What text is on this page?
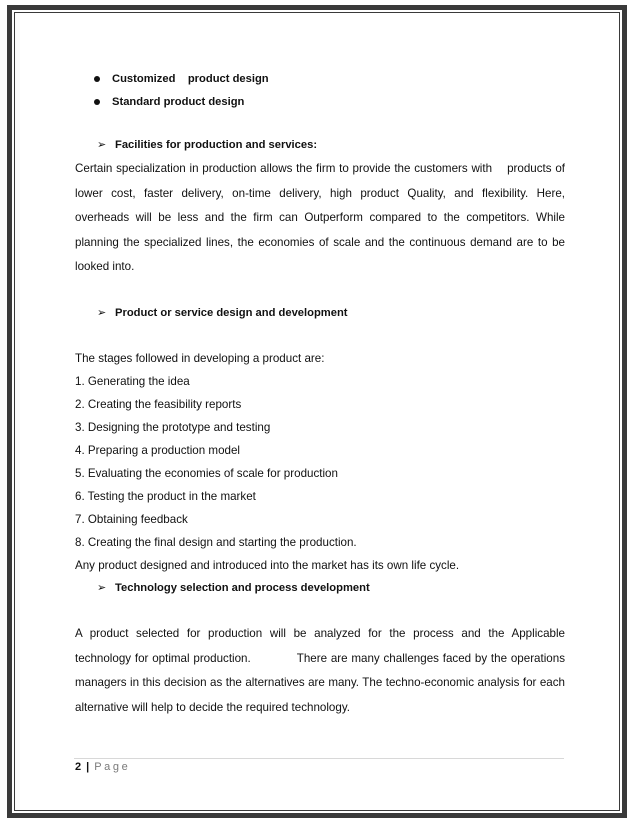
Customized    product design
Standard product design
➢ Facilities for production and services:
Certain specialization in production allows the firm to provide the customers with    products of lower cost, faster delivery, on-time delivery, high product Quality, and flexibility. Here, overheads will be less and the firm can Outperform compared to the competitors. While planning the specialized lines, the economies of scale and the continuous demand are to be looked into.
➢ Product or service design and development
The stages followed in developing a product are:
1. Generating the idea
2. Creating the feasibility reports
3. Designing the prototype and testing
4. Preparing a production model
5. Evaluating the economies of scale for production
6. Testing the product in the market
7. Obtaining feedback
8. Creating the final design and starting the production.
Any product designed and introduced into the market has its own life cycle.
➢ Technology selection and process development
A product selected for production will be analyzed for the process and the Applicable technology for optimal production.	There are many challenges faced by the operations managers in this decision as the alternatives are many. The techno-economic analysis for each alternative will help to decide the required technology.
2 | Page
